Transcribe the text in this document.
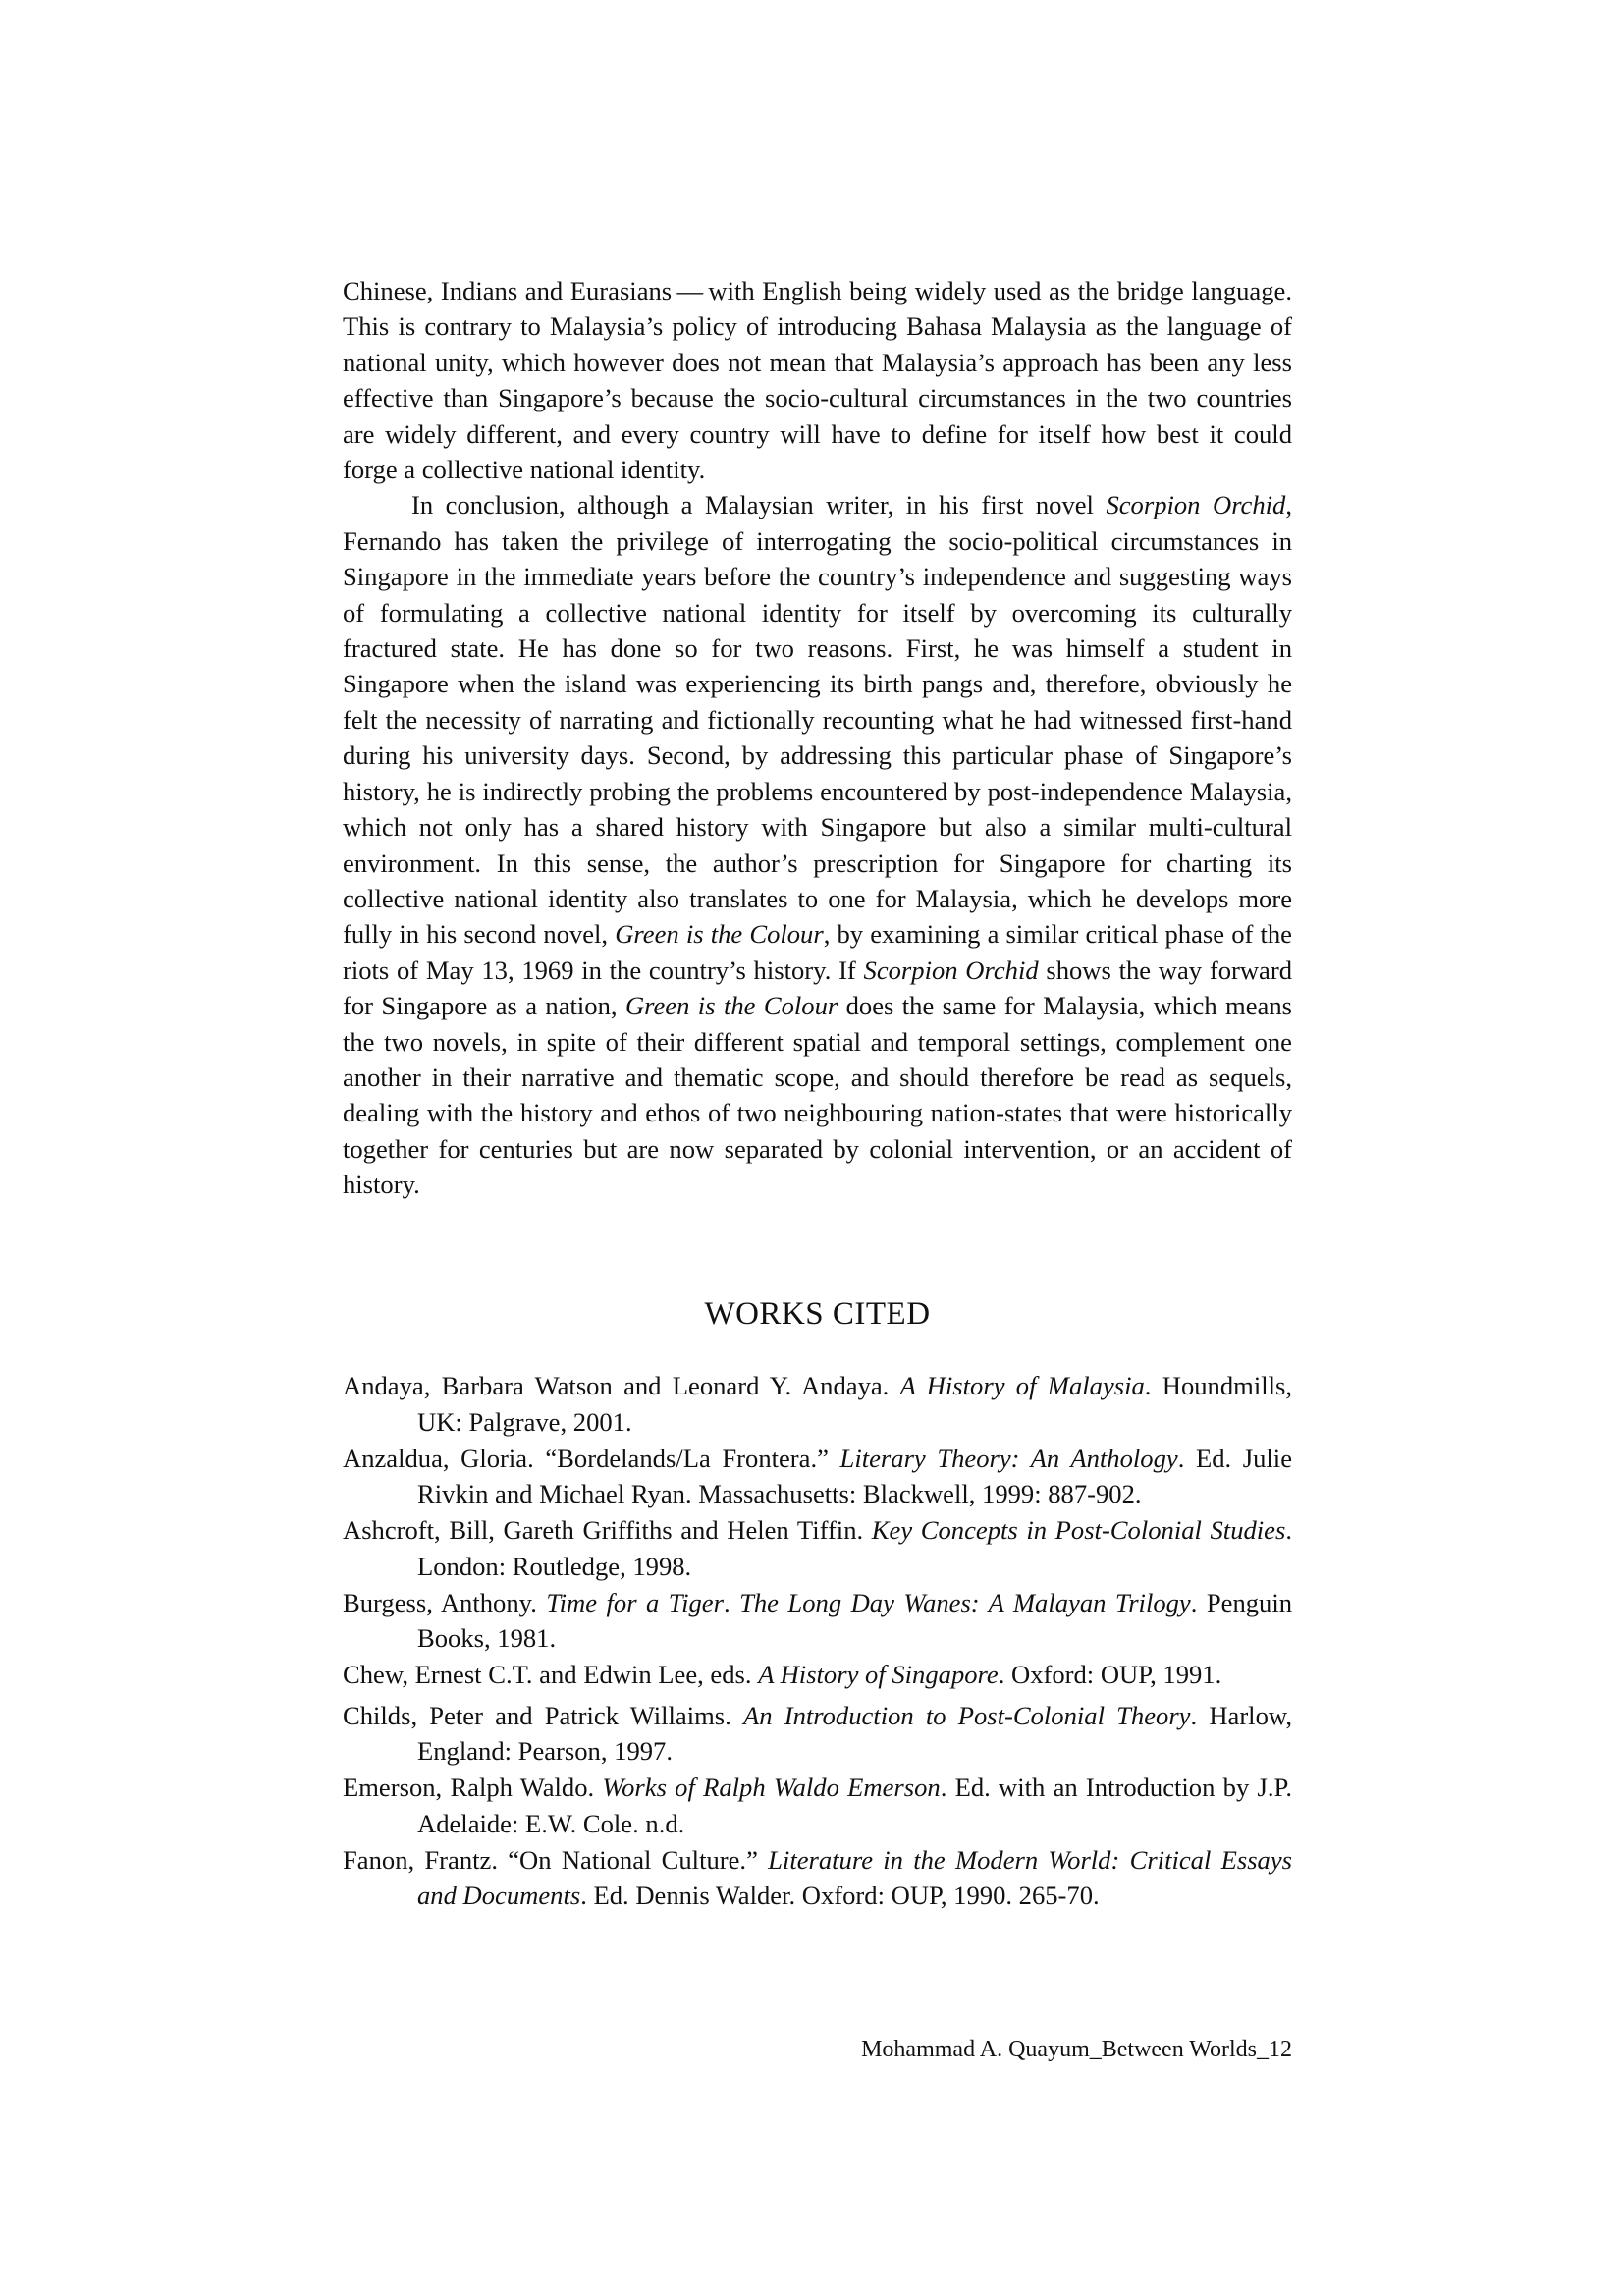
Chinese, Indians and Eurasians — with English being widely used as the bridge language. This is contrary to Malaysia’s policy of introducing Bahasa Malaysia as the language of national unity, which however does not mean that Malaysia’s approach has been any less effective than Singapore’s because the socio-cultural circumstances in the two countries are widely different, and every country will have to define for itself how best it could forge a collective national identity.

In conclusion, although a Malaysian writer, in his first novel Scorpion Orchid, Fernando has taken the privilege of interrogating the socio-political circumstances in Singapore in the immediate years before the country’s independence and suggesting ways of formulating a collective national identity for itself by overcoming its culturally fractured state. He has done so for two reasons. First, he was himself a student in Singapore when the island was experiencing its birth pangs and, therefore, obviously he felt the necessity of narrating and fictionally recounting what he had witnessed first-hand during his university days. Second, by addressing this particular phase of Singapore’s history, he is indirectly probing the problems encountered by post-independence Malaysia, which not only has a shared history with Singapore but also a similar multi-cultural environment. In this sense, the author’s prescription for Singapore for charting its collective national identity also translates to one for Malaysia, which he develops more fully in his second novel, Green is the Colour, by examining a similar critical phase of the riots of May 13, 1969 in the country’s history. If Scorpion Orchid shows the way forward for Singapore as a nation, Green is the Colour does the same for Malaysia, which means the two novels, in spite of their different spatial and temporal settings, complement one another in their narrative and thematic scope, and should therefore be read as sequels, dealing with the history and ethos of two neighbouring nation-states that were historically together for centuries but are now separated by colonial intervention, or an accident of history.

WORKS CITED

Andaya, Barbara Watson and Leonard Y. Andaya. A History of Malaysia. Houndmills, UK: Palgrave, 2001.

Anzaldua, Gloria. “Bordelands/La Frontera.” Literary Theory: An Anthology. Ed. Julie Rivkin and Michael Ryan. Massachusetts: Blackwell, 1999: 887-902.

Ashcroft, Bill, Gareth Griffiths and Helen Tiffin. Key Concepts in Post-Colonial Studies. London: Routledge, 1998.

Burgess, Anthony. Time for a Tiger. The Long Day Wanes: A Malayan Trilogy. Penguin Books, 1981.

Chew, Ernest C.T. and Edwin Lee, eds. A History of Singapore. Oxford: OUP, 1991.

Childs, Peter and Patrick Willaims. An Introduction to Post-Colonial Theory. Harlow, England: Pearson, 1997.

Emerson, Ralph Waldo. Works of Ralph Waldo Emerson. Ed. with an Introduction by J.P. Adelaide: E.W. Cole. n.d.

Fanon, Frantz. “On National Culture.” Literature in the Modern World: Critical Essays and Documents. Ed. Dennis Walder. Oxford: OUP, 1990. 265-70.

Mohammad A. Quayum_Between Worlds_12
